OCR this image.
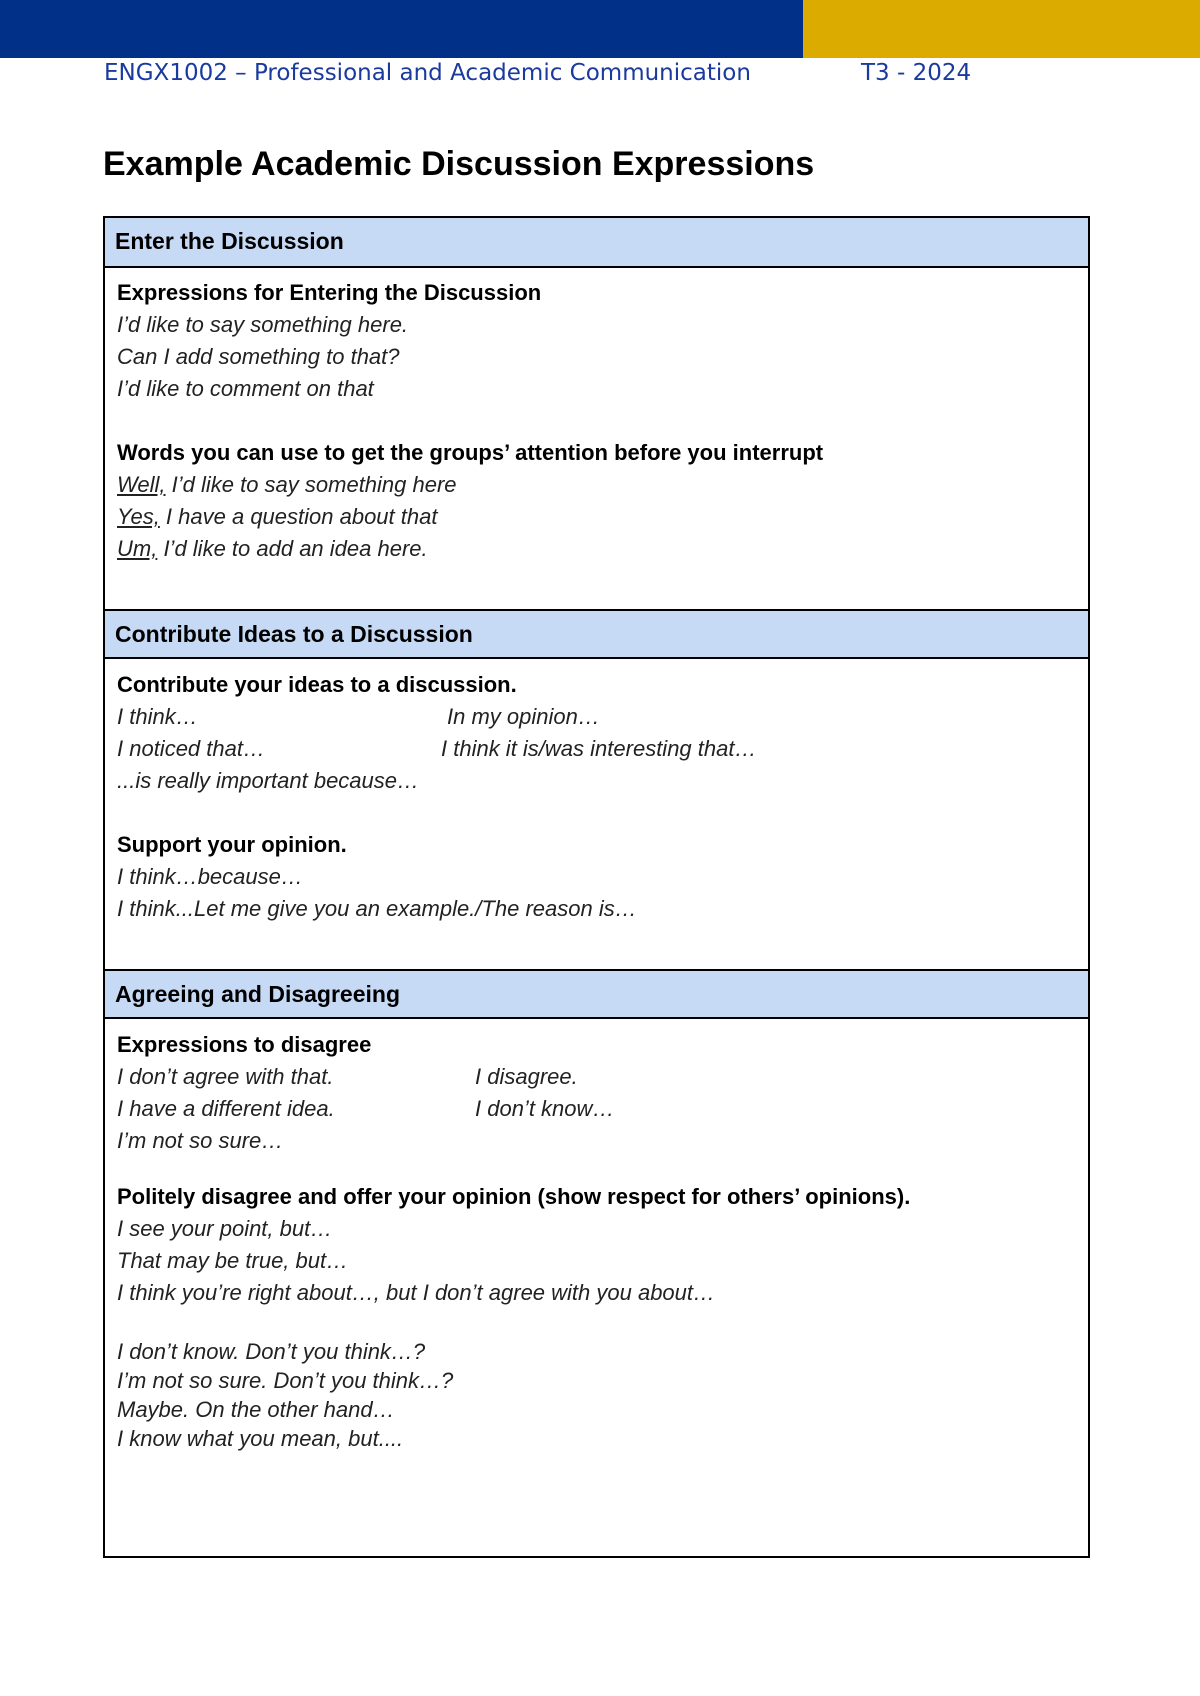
ENGX1002 – Professional and Academic Communication	T3 - 2024
Example Academic Discussion Expressions
Enter the Discussion
Expressions for Entering the Discussion
I’d like to say something here.
Can I add something to that?
I’d like to comment on that
Words you can use to get the groups’ attention before you interrupt
Well, I’d like to say something here
Yes, I have a question about that
Um, I’d like to add an idea here.
Contribute Ideas to a Discussion
Contribute your ideas to a discussion.
I think…	In my opinion…
I noticed that…	I think it is/was interesting that…
...is really important because…
Support your opinion.
I think…because…
I think...Let me give you an example./The reason is…
Agreeing and Disagreeing
Expressions to disagree
I don’t agree with that.	I disagree.
I have a different idea.	I don’t know…
I’m not so sure…
Politely disagree and offer your opinion (show respect for others’ opinions).
I see your point, but…
That may be true, but…
I think you’re right about…, but I don’t agree with you about…
I don’t know. Don’t you think…?
I’m not so sure. Don’t you think…?
Maybe. On the other hand…
I know what you mean, but....
